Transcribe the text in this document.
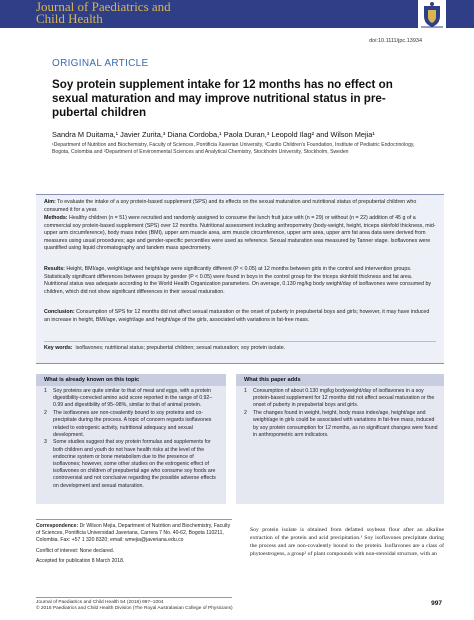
Journal of Paediatrics and
Child Health
doi:10.1111/jpc.13934
ORIGINAL ARTICLE
Soy protein supplement intake for 12 months has no effect on sexual maturation and may improve nutritional status in pre-pubertal children
Sandra M Duitama,¹ Javier Zurita,³ Diana Cordoba,¹ Paola Duran,³ Leopold Ilag² and Wilson Mejia¹
¹Department of Nutrition and Biochemistry, Faculty of Sciences, Pontificia Xaverian University, ³Cardio Children's Foundation, Institute of Pediatric Endocrinology, Bogota, Colombia and ²Department of Environmental Sciences and Analytical Chemistry, Stockholm University, Stockholm, Sweden
Aim: To evaluate the intake of a soy protein-based supplement (SPS) and its effects on the sexual maturation and nutritional status of prepubertal children who consumed it for a year.
Methods: Healthy children (n = 51) were recruited and randomly assigned to consume the lunch fruit juice with (n = 29) or without (n = 22) addition of 45 g of a commercial soy protein-based supplement (SPS) over 12 months. Nutritional assessment including anthropometry (body-weight, height, triceps skinfold thickness, mid-upper arm circumference), body mass index (BMI), upper arm muscle area, arm muscle circumference, upper arm area, upper arm fat area data were derived from measures using usual procedures; age and gender-specific percentiles were used as reference. Sexual maturation was measured by Tanner stage. Isoflavones were quantified using liquid chromatography and tandem mass spectrometry.
Results: Height, BMI/age, weight/age and height/age were significantly different (P < 0.05) at 12 months between girls in the control and intervention groups. Statistically significant differences between groups by gender (P < 0.05) were found in boys in the control group for the triceps skinfold thickness and fat area. Nutritional status was adequate according to the World Health Organization parameters. On average, 0.130 mg/kg body weight/day of isoflavones were consumed by children, which did not show significant differences in their sexual maturation.
Conclusion: Consumption of SPS for 12 months did not affect sexual maturation or the onset of puberty in prepubertal boys and girls; however, it may have induced an increase in height, BMI/age, weight/age and height/age of the girls, associated with variations in fat-free mass.
Key words: isoflavones; nutritional status; prepubertal children; sexual maturation; soy protein isolate.
What is already known on this topic
1 Soy proteins are quite similar to that of meat and eggs, with a protein digestibility-corrected amino acid score reported in the range of 0.92–0.99 and digestibility of 95–98%, similar to that of animal protein.
2 The isoflavones are non-covalently bound to soy proteins and co-precipitate during the process. A topic of concern regards isoflavones related to estrogenic activity, nutritional adequacy and sexual development.
3 Some studies suggest that soy protein formulas and supplements for both children and youth do not have health risks at the level of the endocrine system or bone metabolism due to the presence of isoflavones; however, some other studies on the estrogenic effect of isoflavones on children of prepubertal age who consume soy foods are controversial and not conclusive regarding the possible adverse effects on development and sexual maturation.
What this paper adds
1 Consumption of about 0.130 mg/kg bodyweight/day of isoflavones in a soy protein-based supplement for 12 months did not affect sexual maturation or the onset of puberty in prepubertal boys and girls.
2 The changes found in weight, height, body mass index/age, height/age and weight/age in girls could be associated with variations in fat-free mass, induced by soy protein consumption for 12 months, as no significant changes were found in anthropometric arm indicators.
Correspondence: Dr Wilson Mejia, Department of Nutrition and Biochemistry, Faculty of Sciences, Pontificia Universidad Javeriana, Carrera 7 No. 40-62, Bogota 110211, Colombia. Fax: +57 1 320 8320; email: wmejia@javeriana.edu.co
Conflict of interest: None declared.
Accepted for publication 8 March 2018.
Soy protein isolate is obtained from defatted soybean flour after an alkaline extraction of the protein and acid precipitation.¹ Soy isoflavones precipitate during the process and are non-covalently bound to the protein. Isoflavones are a class of phytoestrogens, a group² of plant compounds with non-steroidal structure, with an
Journal of Paediatrics and Child Health 54 (2018) 997–1004
© 2018 Paediatrics and Child Health Division (The Royal Australasian College of Physicians)
997
